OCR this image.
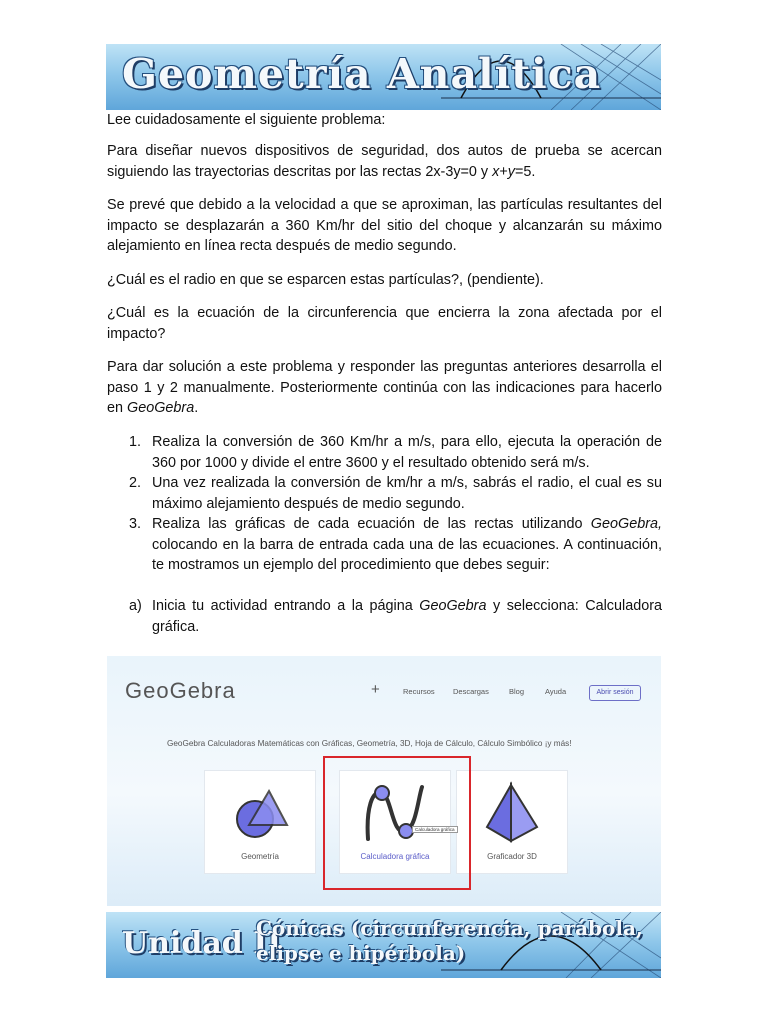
Geometría Analítica
Lee cuidadosamente el siguiente problema:

Para diseñar nuevos dispositivos de seguridad, dos autos de prueba se acercan siguiendo las trayectorias descritas por las rectas 2x-3y=0 y x+y=5.

Se prevé que debido a la velocidad a que se aproximan, las partículas resultantes del impacto se desplazarán a 360 Km/hr del sitio del choque y alcanzarán su máximo alejamiento en línea recta después de medio segundo.
¿Cuál es el radio en que se esparcen estas partículas?, (pendiente).
¿Cuál es la ecuación de la circunferencia que encierra la zona afectada por el impacto?

Para dar solución a este problema y responder las preguntas anteriores desarrolla el paso 1 y 2 manualmente. Posteriormente continúa con las indicaciones para hacerlo en GeoGebra.

1. Realiza la conversión de 360 Km/hr a m/s, para ello, ejecuta la operación de 360 por 1000 y divide el entre 3600 y el resultado obtenido será m/s.
2. Una vez realizada la conversión de km/hr a m/s, sabrás el radio, el cual es su máximo alejamiento después de medio segundo.
3. Realiza las gráficas de cada ecuación de las rectas utilizando GeoGebra, colocando en la barra de entrada cada una de las ecuaciones. A continuación, te mostramos un ejemplo del procedimiento que debes seguir:
a) Inicia tu actividad entrando a la página GeoGebra y selecciona: Calculadora gráfica.
GeoGebra	+	Recursos Descargas	Blog	Ayuda	Abrir sesión
GeoGebra Calculadoras Matemáticas con Gráficas, Geometría, 3D, Hoja de Cálculo, Cálculo Simbólico ¡y más!
Geometría	Calculadora gráfica	Graficador 3D
Calculadora gráfica
Unidad II
Cónicas (circunferencia, parábola,
elipse e hipérbola)
